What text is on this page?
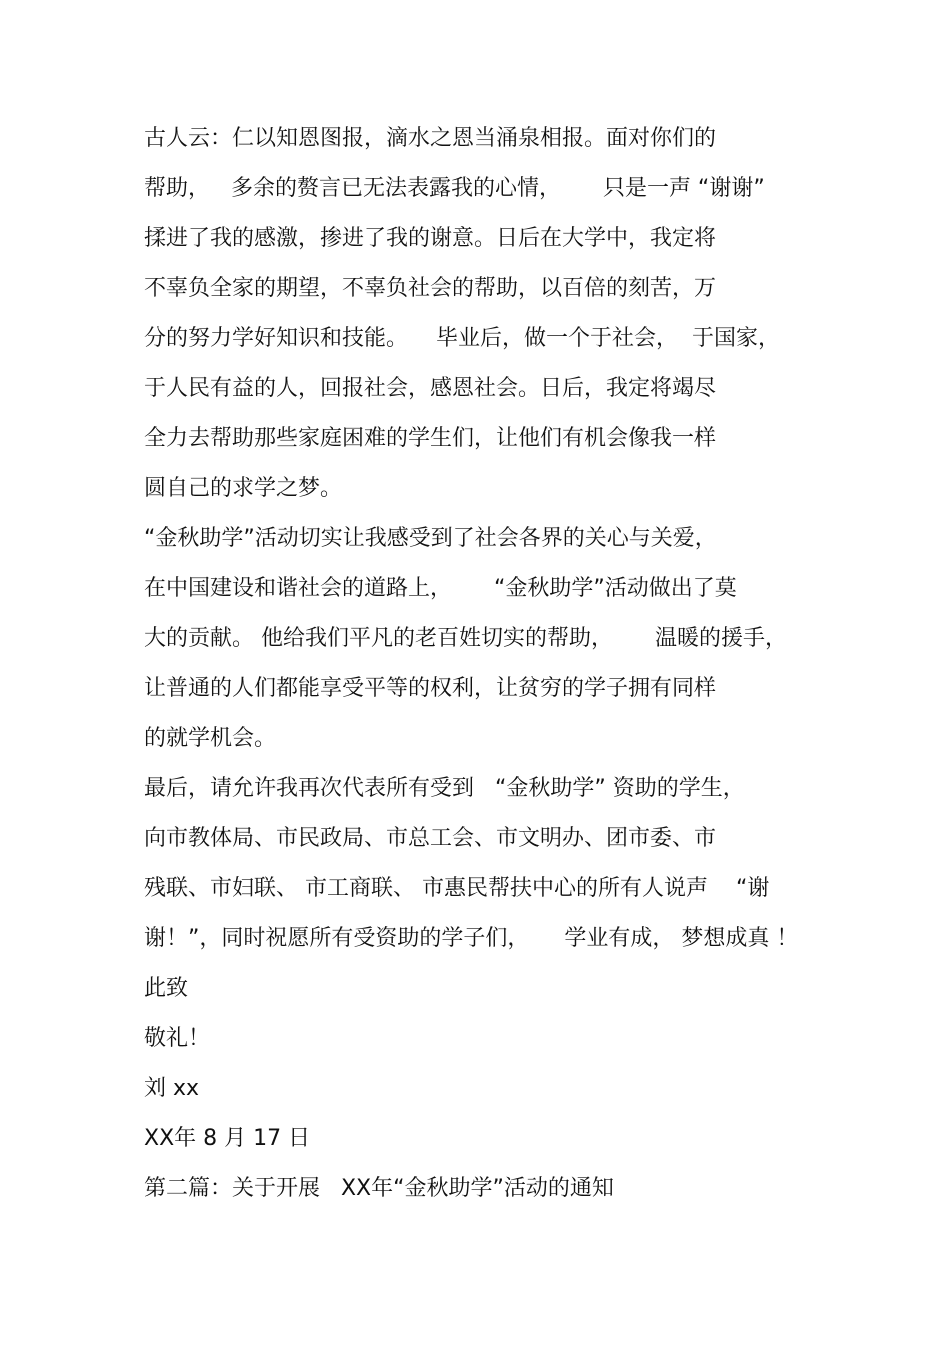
古人云：仁以知恩图报，滴水之恩当涌泉相报。面对你们的
帮助，   多余的赘言已无法表露我的心情，      只是一声 “谢谢”
揉进了我的感激，掺进了我的谢意。日后在大学中，我定将
不辜负全家的期望，不辜负社会的帮助，以百倍的刻苦，万
分的努力学好知识和技能。    毕业后，做一个于社会，  于国家，
于人民有益的人，回报社会，感恩社会。日后，我定将竭尽
全力去帮助那些家庭困难的学生们，让他们有机会像我一样
圆自己的求学之梦。
“金秋助学”活动切实让我感受到了社会各界的关心与关爱，
在中国建设和谐社会的道路上，      “金秋助学”活动做出了莫
大的贡献。 他给我们平凡的老百姓切实的帮助，      温暖的援手，
让普通的人们都能享受平等的权利，让贫穷的学子拥有同样
的就学机会。
最后，请允许我再次代表所有受到   “金秋助学” 资助的学生，
向市教体局、市民政局、市总工会、市文明办、团市委、市
残联、市妇联、 市工商联、 市惠民帮扶中心的所有人说声    “谢
谢！”，同时祝愿所有受资助的学子们，     学业有成， 梦想成真 ！
此致
敬礼！
刘 xx
XX年 8 月 17 日
第二篇：关于开展   XX年“金秋助学”活动的通知
